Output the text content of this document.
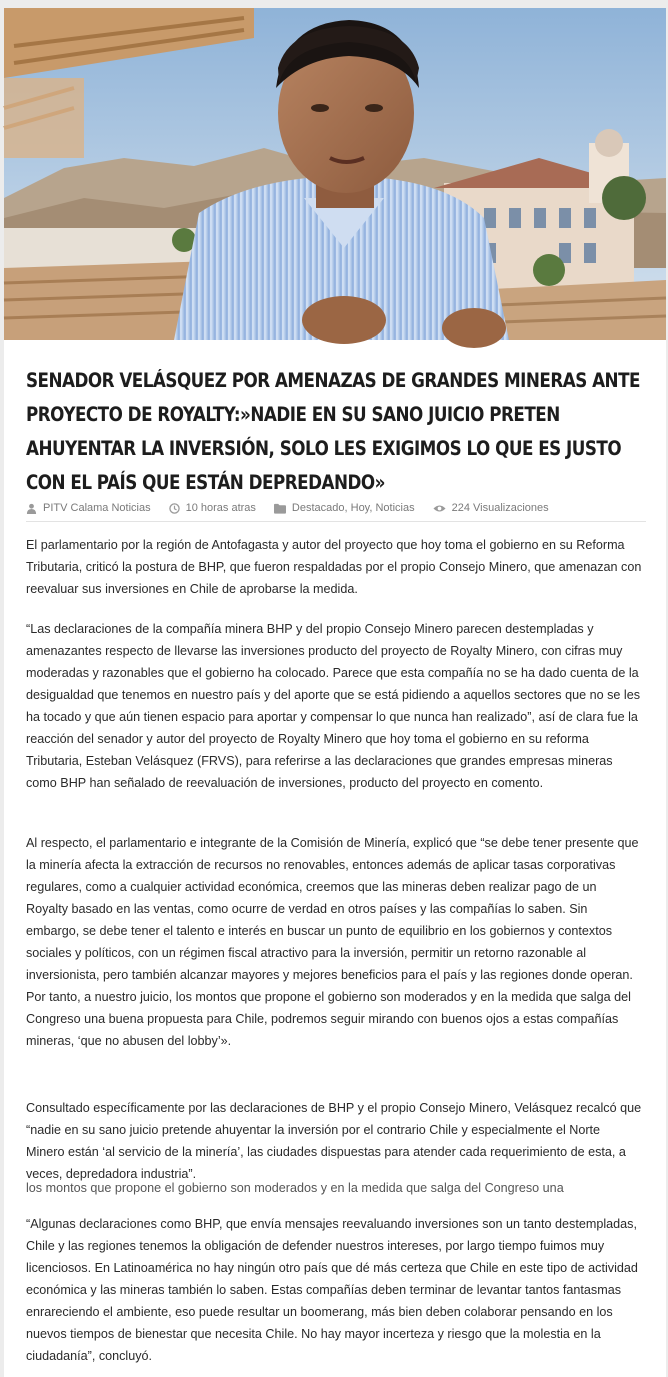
SENADOR VELÁSQUEZ POR AMENAZAS DE GRANDES MINERAS ANTE PROYECTO DE ROYALTY:»NADIE EN SU SANO JUICIO PRETEN AHUYENTAR LA INVERSIÓN, SOLO LES EXIGIMOS LO QUE ES JUSTO CON EL PAÍS QUE ESTÁN DEPREDANDO»
PITV Calama Noticias	10 horas atras	Destacado, Hoy, Noticias	224 Visualizaciones

El parlamentario por la región de Antofagasta y autor del proyecto que hoy toma el gobierno en su Reforma Tributaria, criticó la postura de BHP, que fueron respaldadas por el propio Consejo Minero, que amenazan con reevaluar sus inversiones en Chile de aprobarse la medida.

“Las declaraciones de la compañía minera BHP y del propio Consejo Minero parecen destempladas y amenazantes respecto de llevarse las inversiones producto del proyecto de Royalty Minero, con cifras muy moderadas y razonables que el gobierno ha colocado. Parece que esta compañía no se ha dado cuenta de la desigualdad que tenemos en nuestro país y del aporte que se está pidiendo a aquellos sectores que no se les ha tocado y que aún tienen espacio para aportar y compensar lo que nunca han realizado”, así de clara fue la reacción del senador y autor del proyecto de Royalty Minero que hoy toma el gobierno en su reforma Tributaria, Esteban Velásquez (FRVS), para referirse a las declaraciones que grandes empresas mineras como BHP han señalado de reevaluación de inversiones, producto del proyecto en comento.

Al respecto, el parlamentario e integrante de la Comisión de Minería, explicó que “se debe tener presente que la minería afecta la extracción de recursos no renovables, entonces además de aplicar tasas corporativas regulares, como a cualquier actividad económica, creemos que las mineras deben realizar pago de un Royalty basado en las ventas, como ocurre de verdad en otros países y las compañías lo saben. Sin embargo, se debe tener el talento e interés en buscar un punto de equilibrio en los gobiernos y contextos sociales y políticos, con un régimen fiscal atractivo para la inversión, permitir un retorno razonable al inversionista, pero también alcanzar mayores y mejores beneficios para el país y las regiones donde operan. Por tanto, a nuestro juicio, los montos que propone el gobierno son moderados y en la medida que salga del Congreso una buena propuesta para Chile, podremos seguir mirando con buenos ojos a estas compañías mineras, ‘que no abusen del lobby’».

Consultado específicamente por las declaraciones de BHP y el propio Consejo Minero, Velásquez recalcó que “nadie en su sano juicio pretende ahuyentar la inversión por el contrario Chile y especialmente el Norte Minero están ‘al servicio de la minería’, las ciudades dispuestas para atender cada requerimiento de esta, a veces, depredadora industria”.

los montos que propone el gobierno son moderados y en la medida que salga del Congreso una

“Algunas declaraciones como BHP, que envía mensajes reevaluando inversiones son un tanto destempladas, Chile y las regiones tenemos la obligación de defender nuestros intereses, por largo tiempo fuimos muy licenciosos. En Latinoamérica no hay ningún otro país que dé más certeza que Chile en este tipo de actividad económica y las mineras también lo saben. Estas compañías deben terminar de levantar tantos fantasmas enrareciendo el ambiente, eso puede resultar un boomerang, más bien deben colaborar pensando en los nuevos tiempos de bienestar que necesita Chile. No hay mayor incerteza y riesgo que la molestia en la ciudadanía”, concluyó.
